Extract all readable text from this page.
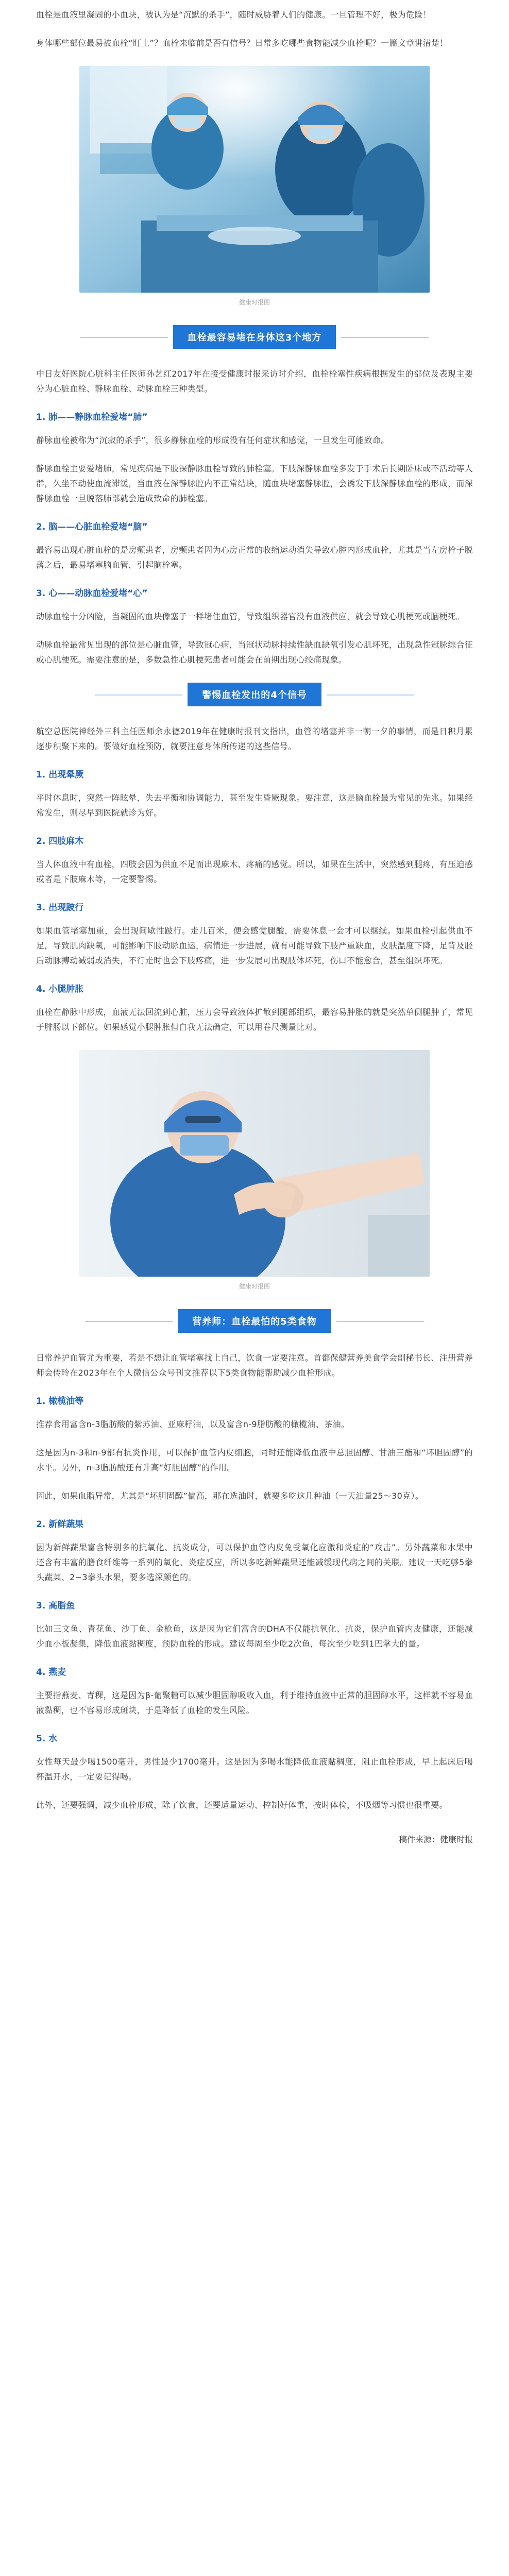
血栓是血液里凝固的小血块，被认为是“沉默的杀手”，随时威胁着人们的健康。一旦管理不好，极为危险！

身体哪些部位最易被血栓“盯上”？血栓来临前是否有信号？日常多吃哪些食物能减少血栓呢？一篇文章讲清楚！

健康时报图
血栓最容易堵在身体这3个地方

中日友好医院心脏科主任医师孙艺红2017年在接受健康时报采访时介绍，血栓栓塞性疾病根据发生的部位及表现主要分为心脏血栓、静脉血栓、动脉血栓三种类型。

1. 肺——静脉血栓爱堵“肺”

静脉血栓被称为“沉寂的杀手”，很多静脉血栓的形成没有任何症状和感觉，一旦发生可能致命。

静脉血栓主要爱堵肺，常见疾病是下肢深静脉血栓导致的肺栓塞。下肢深静脉血栓多发于手术后长期卧床或不活动等人群，久坐不动使血流滞缓，当血液在深静脉腔内不正常结块，随血块堵塞静脉腔，会诱发下肢深静脉血栓的形成，而深静脉血栓一旦脱落肺部就会造成致命的肺栓塞。

2. 脑——心脏血栓爱堵“脑”

最容易出现心脏血栓的是房颤患者，房颤患者因为心房正常的收缩运动消失导致心腔内形成血栓，尤其是当左房栓子脱落之后，最易堵塞脑血管，引起脑栓塞。

3. 心——动脉血栓爱堵“心”

动脉血栓十分凶险，当凝固的血块像塞子一样堵住血管，导致组织器官没有血液供应，就会导致心肌梗死或脑梗死。

动脉血栓最常见出现的部位是心脏血管，导致冠心病，当冠状动脉持续性缺血缺氧引发心肌坏死，出现急性冠脉综合征或心肌梗死。需要注意的是，多数急性心肌梗死患者可能会在前期出现心绞痛现象。

警惕血栓发出的4个信号

航空总医院神经外三科主任医师余永德2019年在健康时报刊文指出，血管的堵塞并非一朝一夕的事情，而是日积月累逐步积聚下来的。要做好血栓预防，就要注意身体所传递的这些信号。

1. 出现晕厥

平时休息时，突然一阵眩晕，失去平衡和协调能力，甚至发生昏厥现象。要注意，这是脑血栓最为常见的先兆。如果经常发生，则尽早到医院就诊为好。

2. 四肢麻木

当人体血液中有血栓，四肢会因为供血不足而出现麻木、疼痛的感觉。所以，如果在生活中，突然感到腿疼，有压迫感或者是下肢麻木等，一定要警惕。

3. 出现跛行

如果血管堵塞加重，会出现间歇性跛行。走几百米，便会感觉腿酸，需要休息一会才可以继续。如果血栓引起供血不足，导致肌肉缺氧，可能影响下肢动脉血运，病情进一步进展，就有可能导致下肢严重缺血，皮肤温度下降，足背及胫后动脉搏动减弱或消失，不行走时也会下肢疼痛，进一步发展可出现肢体坏死，伤口不能愈合，甚至组织坏死。

4. 小腿肿胀

血栓在静脉中形成，血液无法回流到心脏，压力会导致液体扩散到腿部组织，最容易肿胀的就是突然单侧腿肿了，常见于腓肠以下部位。如果感觉小腿肿胀但自我无法确定，可以用卷尺测量比对。

健康时报图
营养师：血栓最怕的5类食物

日常养护血管尤为重要，若是不想让血管堵塞找上自己，饮食一定要注意。首都保健营养美食学会副秘书长、注册营养师会传玲在2023年在个人微信公众号刊文推荐以下5类食物能帮助减少血栓形成。

1. 橄榄油等

推荐食用富含n-3脂肪酸的紫苏油、亚麻籽油，以及富含n-9脂肪酸的橄榄油、茶油。

这是因为n-3和n-9都有抗炎作用，可以保护血管内皮细胞，同时还能降低血液中总胆固醇、甘油三酯和“坏胆固醇”的水平。另外，n-3脂肪酸还有升高“好胆固醇”的作用。

因此，如果血脂异常，尤其是“坏胆固醇”偏高，那在选油时，就要多吃这几种油（一天油量25～30克）。

2. 新鲜蔬果

因为新鲜蔬果富含特别多的抗氧化、抗炎成分，可以保护血管内皮免受氧化应激和炎症的“攻击”。另外蔬菜和水果中还含有丰富的膳食纤维等一系列的氧化、炎症反应，所以多吃新鲜蔬果还能减缓现代病之间的关联。建议一天吃够5拳头蔬菜、2~3拳头水果，要多选深颜色的。

3. 高脂鱼

比如三文鱼、青花鱼、沙丁鱼、金枪鱼，这是因为它们富含的DHA不仅能抗氧化、抗炎，保护血管内皮健康，还能减少血小板凝集，降低血液黏稠度，预防血栓的形成。建议每周至少吃2次鱼，每次至少吃到1巴掌大的量。

4. 燕麦

主要指燕麦、青稞，这是因为β-葡聚糖可以减少胆固醇吸收入血，利于维持血液中正常的胆固醇水平，这样就不容易血液黏稠，也不容易形成斑块，于是降低了血栓的发生风险。

5. 水

女性每天最少喝1500毫升，男性最少1700毫升。这是因为多喝水能降低血液黏稠度，阻止血栓形成，早上起床后喝杯温开水，一定要记得喝。

此外，还要强调，减少血栓形成，除了饮食，还要适量运动、控制好体重，按时体检，不吸烟等习惯也很重要。

稿件来源：健康时报
